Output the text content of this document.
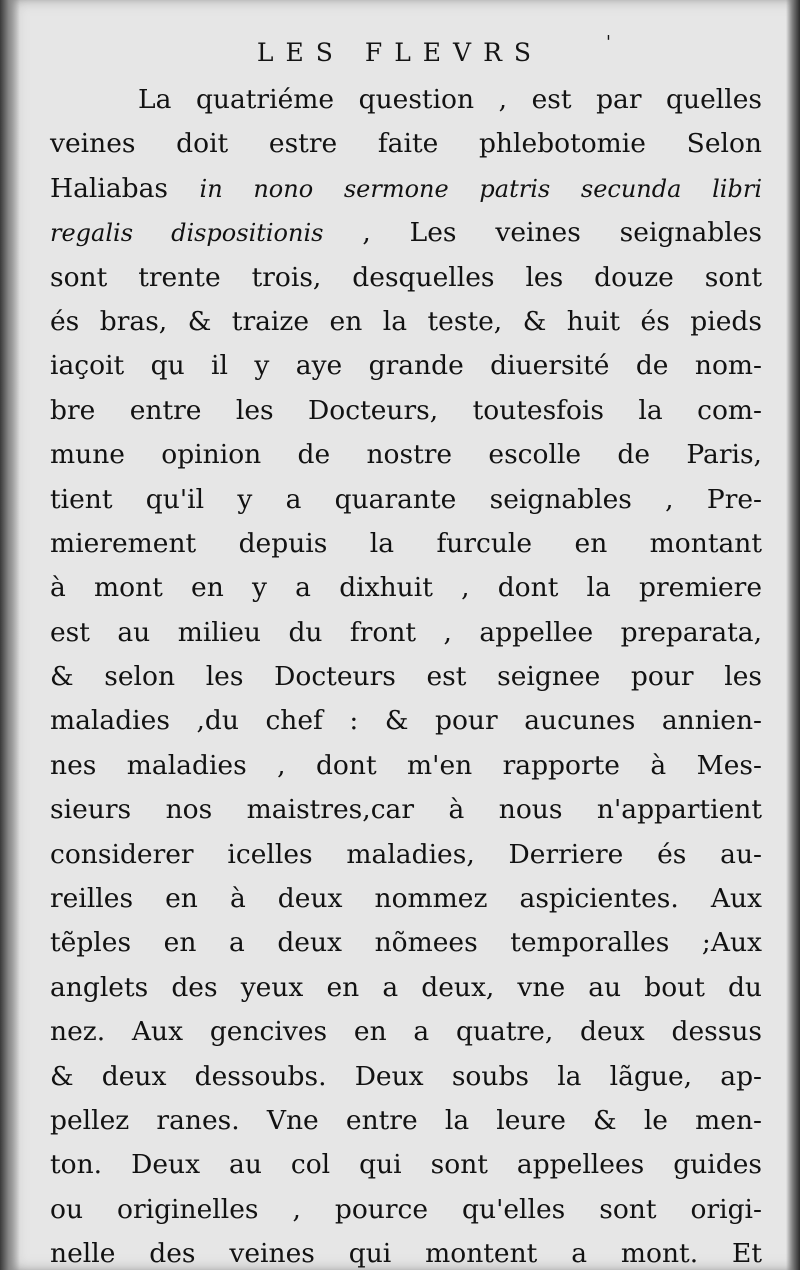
LES FLEVRS	'
La quatriéme question , est par quelles
veines doit estre faite phlebotomie Selon
Haliabas in nono sermone patris secunda libri
regalis dispositionis , Les veines seignables
sont trente trois, desquelles les douze sont
és bras, & traize en la teste, & huit és pieds
iaçoit qu il y aye grande diuersité de nom-
bre entre les Docteurs, toutesfois la com-
mune opinion de nostre escolle de Paris,
tient qu'il y a quarante seignables , Pre-
mierement depuis la furcule en montant
à mont en y a dixhuit , dont la premiere
est au milieu du front , appellee preparata,
& selon les Docteurs est seignee pour les
maladies ,du chef : & pour aucunes annien-
nes maladies , dont m'en rapporte à Mes-
sieurs nos maistres,car à nous n'appartient
considerer icelles maladies, Derriere és au-
reilles en à deux nommez aspicientes. Aux
tẽples en a deux nõmees temporalles ;Aux
anglets des yeux en a deux, vne au bout du
nez. Aux gencives en a quatre, deux dessus
& deux dessoubs. Deux soubs la lãgue, ap-
pellez ranes. Vne entre la leure & le men-
ton. Deux au col qui sont appellees guides
ou originelles , pource qu'elles sont origi-
nelle des veines qui montent a mont. Et
